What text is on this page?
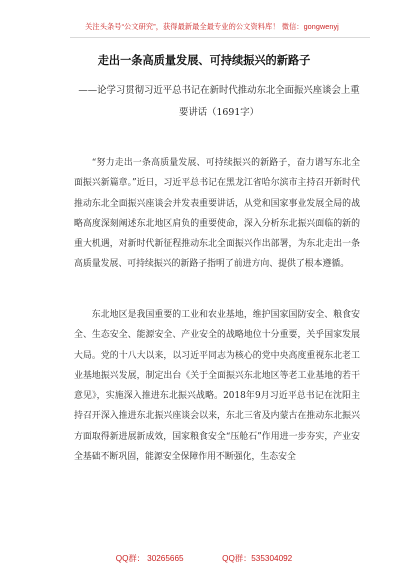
关注头条号“公文研究”，获得最新最全最专业的公文资料库！ 微信：gongwenyj
走出一条高质量发展、可持续振兴的新路子
——论学习贯彻习近平总书记在新时代推动东北全面振兴座谈会上重要讲话（1691字）
“努力走出一条高质量发展、可持续振兴的新路子，奋力谱写东北全面振兴新篇章。”近日，习近平总书记在黑龙江省哈尔滨市主持召开新时代推动东北全面振兴座谈会并发表重要讲话，从党和国家事业发展全局的战略高度深刻阐述东北地区肩负的重要使命，深入分析东北振兴面临的新的重大机遇，对新时代新征程推动东北全面振兴作出部署，为东北走出一条高质量发展、可持续振兴的新路子指明了前进方向、提供了根本遵循。
东北地区是我国重要的工业和农业基地，维护国家国防安全、粮食安全、生态安全、能源安全、产业安全的战略地位十分重要，关乎国家发展大局。党的十八大以来，以习近平同志为核心的党中央高度重视东北老工业基地振兴发展，制定出台《关于全面振兴东北地区等老工业基地的若干意见》，实施深入推进东北振兴战略。2018年9月习近平总书记在沈阳主持召开深入推进东北振兴座谈会以来，东北三省及内蒙古在推动东北振兴方面取得新进展新成效，国家粮食安全“压舱石”作用进一步夯实，产业安全基础不断巩固，能源安全保障作用不断强化，生态安全
QQ群： 30265665	QQ群：535304092
